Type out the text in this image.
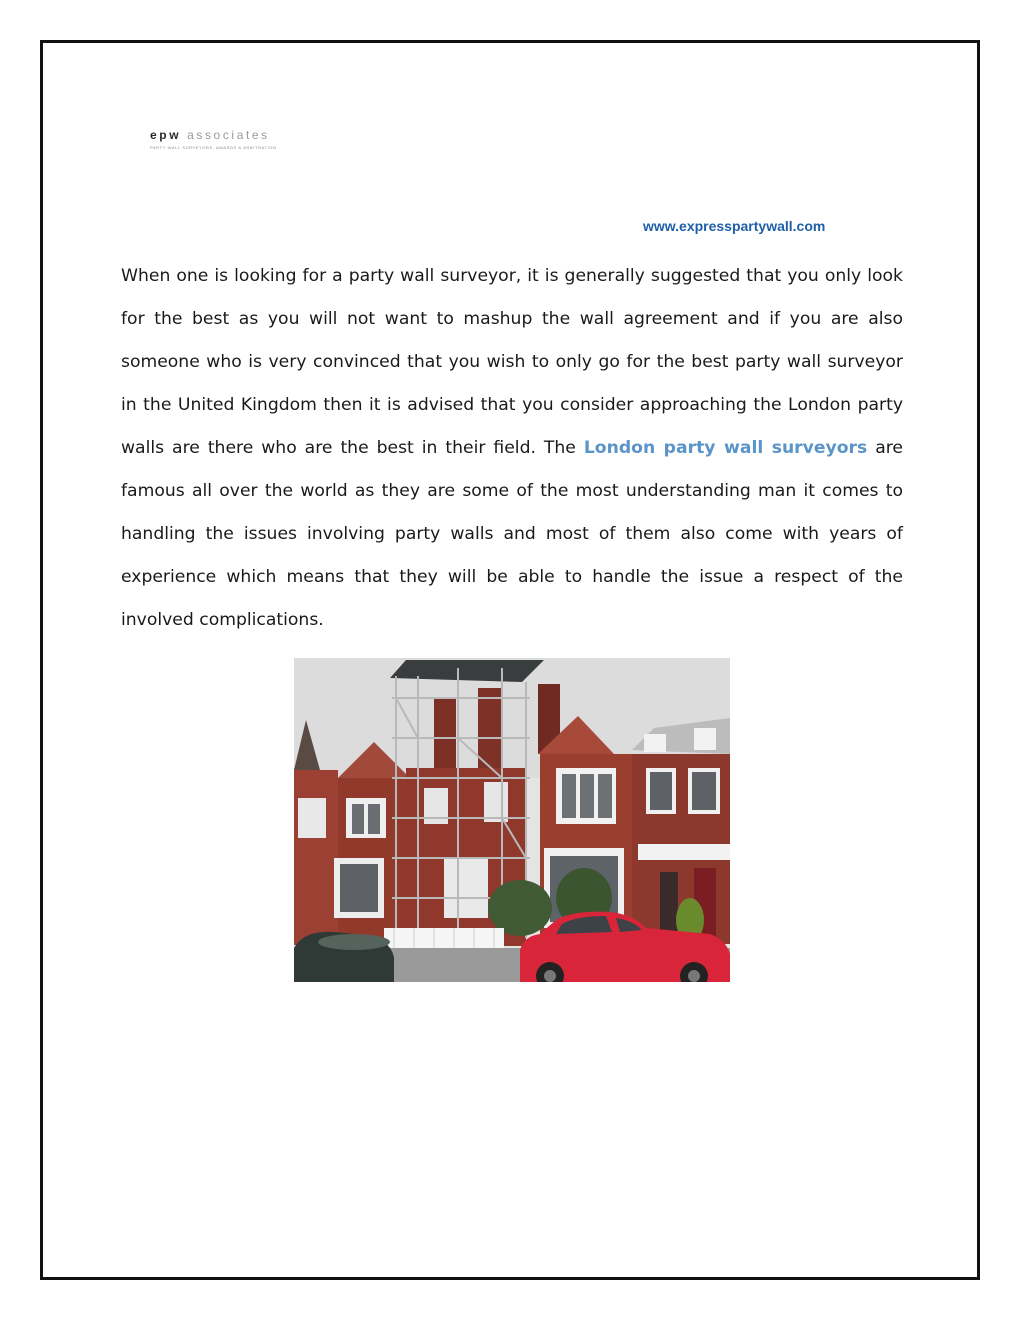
epw associates
PARTY WALL SURVEYORS, AWARDS & ARBITRATION
www.expresspartywall.com

When one is looking for a party wall surveyor, it is generally suggested that you only look for the best as you will not want to mashup the wall agreement and if you are also someone who is very convinced that you wish to only go for the best party wall surveyor in the United Kingdom then it is advised that you consider approaching the London party walls are there who are the best in their field. The London party wall surveyors are famous all over the world as they are some of the most understanding man it comes to handling the issues involving party walls and most of them also come with years of experience which means that they will be able to handle the issue a respect of the involved complications.
